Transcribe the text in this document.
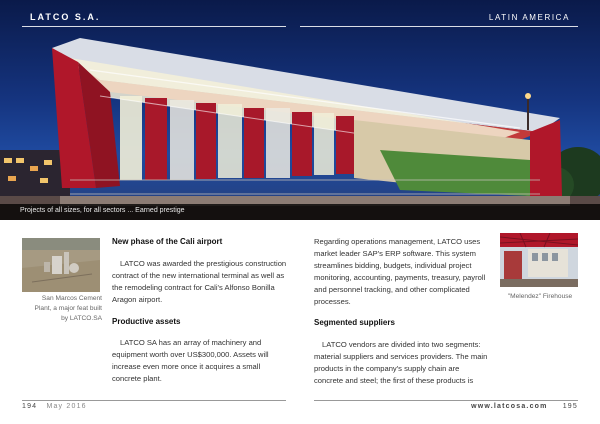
LATCO S.A.	LATIN AMERICA
Projects of all sizes, for all sectors ... Earned prestige
San Marcos Cement
Plant, a major feat built
by LATCO.SA
"Melendez" Firehouse
New phase of the Cali airport

LATCO was awarded the prestigious construction contract of the new international terminal as well as the remodeling contract for Cali's Alfonso Bonilla Aragon airport.

Productive assets

LATCO SA has an array of machinery and equipment worth over US$300,000. Assets will increase even more once it acquires a small concrete plant.

Regarding operations management, LATCO uses market leader SAP's ERP software. This system streamlines bidding, budgets, individual project monitoring, accounting, payments, treasury, payroll and personnel tracking, and other complicated processes.

Segmented suppliers

LATCO vendors are divided into two segments: material suppliers and services providers. The main products in the company's supply chain are concrete and steel; the first of these products is

194 May 2016	www.latcosa.com 195
